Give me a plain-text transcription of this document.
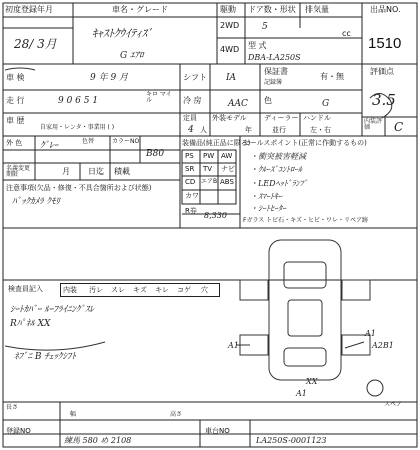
初度登録年月
28/ 3月
車名・グレード
ｷｬｽﾄｸｳｲﾃｨｽﾞ
G ｴｱﾛ
駆動
2WD
4WD
ドア数・形状
5
排気量
cc
型 式
DBA-LA250S
出品NO.
1510
車 検	9 年 9 月	シフト IA
保証書
有・無
記録簿
評価点
3.5
走 行	9 0 6 5 1
キロ マイル	冷 房	AAC 色	G
車 歴
自家用・レンタ・事業用 ( )
定員
4 人
外装モデル
年
ディーラー
並行
ハンドル
左・右
内装評価	C
外 色 ｸﾞﾚｰ	色替	カラーNO
B80
名義変更期限	月 日迄 積載
注意事項(欠品・修復・不具合箇所および状態)
ﾊﾞｯｸｶﾒﾗ ｸﾓﾘ
装備品(純正品に限る)
PS PW AW
SR TV ナビ
CD エアB ABS
カワ
R券 8,330
Fガラス トビ石・キズ・ヒビ・ワレ・リペア跡
セールスポイント(正常に作動するもの)
・衝突被害軽減
・ｸﾙｰｽﾞｺﾝﾄﾛｰﾙ
・LEDﾍｯﾄﾞﾗﾝﾌﾟ
・ｽﾏｰﾄｷｰ
・ｼｰﾄﾋｰﾀｰ
検査員記入	内装 汚レ スレ キズ キレ コゲ 穴
ｼｰﾄｶﾊﾞｰ ﾙｰﾌﾗｲﾆﾝｸﾞｽﾚ
Rﾊﾟﾈﾙ XX
ﾈﾌﾞﾆ B ﾁｪｯｸｼﾌﾄ
A1
A1
A2B1
XX
A1
スペア
長さ
幅	高さ
登録NO
練馬 580 め 2108
車台NO
LA250S-0001123
